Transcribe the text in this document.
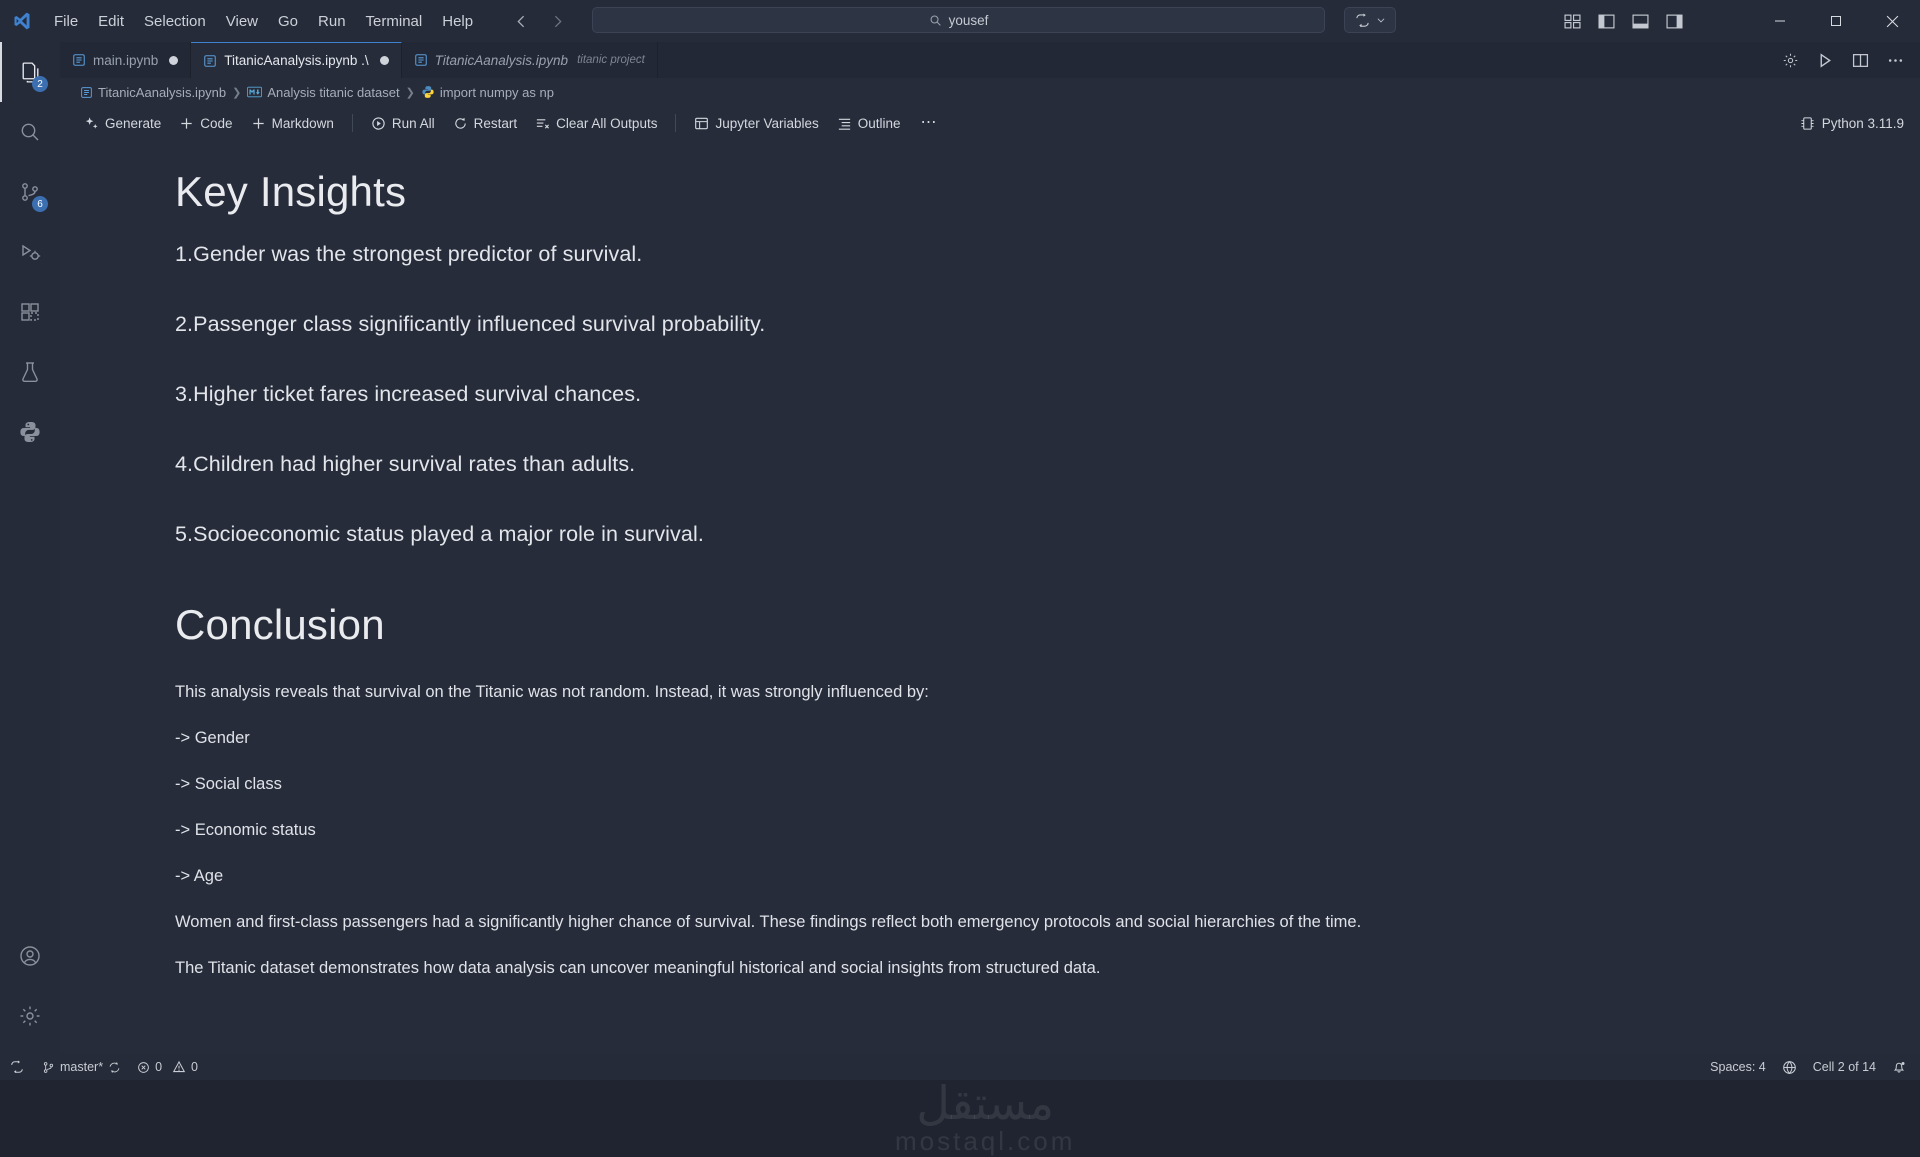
File	Edit	Selection	View	Go	Run	Terminal	Help	yousef
2
6
main.ipynb	TitanicAanalysis.ipynb .\	TitanicAanalysis.ipynb titanic project
TitanicAanalysis.ipynb ❯ Analysis titanic dataset ❯ import numpy as np
Generate	Code	Markdown	Run All	Restart	Clear All Outputs	Jupyter Variables	Outline ⋯	Python 3.11.9
Key Insights

1.Gender was the strongest predictor of survival.

2.Passenger class significantly influenced survival probability.

3.Higher ticket fares increased survival chances.

4.Children had higher survival rates than adults.

5.Socioeconomic status played a major role in survival.

Conclusion

This analysis reveals that survival on the Titanic was not random. Instead, it was strongly influenced by:

-> Gender

-> Social class

-> Economic status

-> Age

Women and first-class passengers had a significantly higher chance of survival. These findings reflect both emergency protocols and social hierarchies of the time.

The Titanic dataset demonstrates how data analysis can uncover meaningful historical and social insights from structured data.

مستقل
mostaql.com
master*	0 0	Spaces: 4	Cell 2 of 14
